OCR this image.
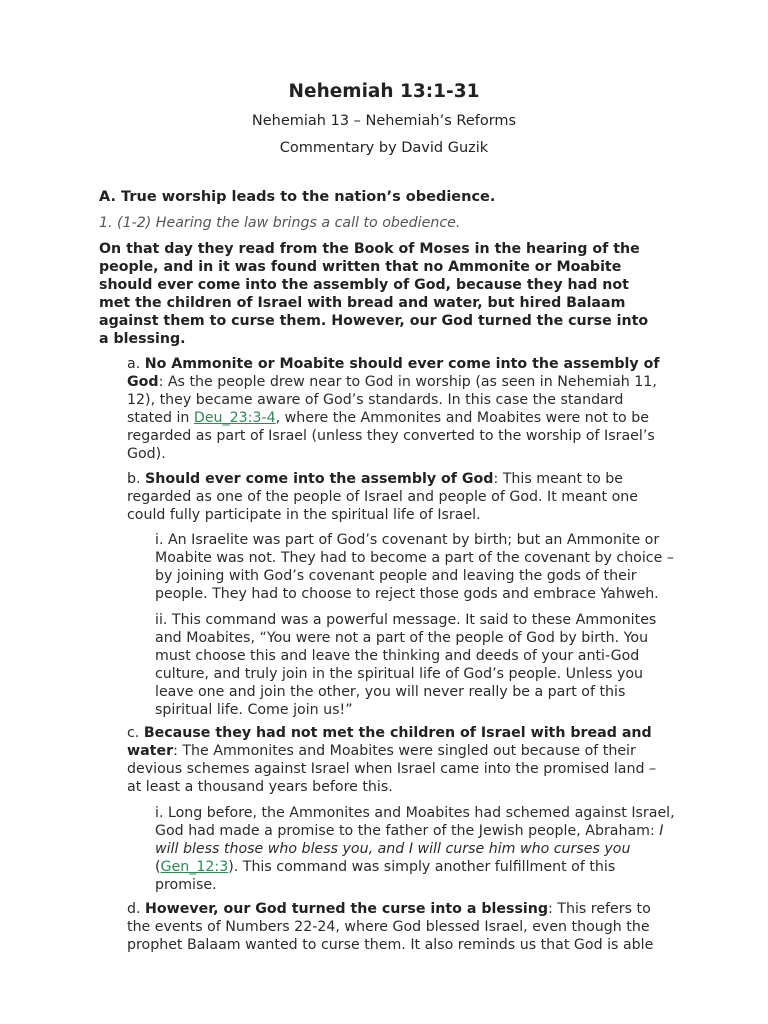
Nehemiah 13:1-31
Nehemiah 13 – Nehemiah’s Reforms
Commentary by David Guzik
A. True worship leads to the nation’s obedience.
1. (1-2) Hearing the law brings a call to obedience.
On that day they read from the Book of Moses in the hearing of the people, and in it was found written that no Ammonite or Moabite should ever come into the assembly of God, because they had not met the children of Israel with bread and water, but hired Balaam against them to curse them. However, our God turned the curse into a blessing.

a. No Ammonite or Moabite should ever come into the assembly of God: As the people drew near to God in worship (as seen in Nehemiah 11, 12), they became aware of God’s standards. In this case the standard stated in Deu_23:3-4, where the Ammonites and Moabites were not to be regarded as part of Israel (unless they converted to the worship of Israel’s God).

b. Should ever come into the assembly of God: This meant to be regarded as one of the people of Israel and people of God. It meant one could fully participate in the spiritual life of Israel.

i. An Israelite was part of God’s covenant by birth; but an Ammonite or Moabite was not. They had to become a part of the covenant by choice – by joining with God’s covenant people and leaving the gods of their people. They had to choose to reject those gods and embrace Yahweh.

ii. This command was a powerful message. It said to these Ammonites and Moabites, “You were not a part of the people of God by birth. You must choose this and leave the thinking and deeds of your anti-God culture, and truly join in the spiritual life of God’s people. Unless you leave one and join the other, you will never really be a part of this spiritual life. Come join us!”

c. Because they had not met the children of Israel with bread and water: The Ammonites and Moabites were singled out because of their devious schemes against Israel when Israel came into the promised land – at least a thousand years before this.

i. Long before, the Ammonites and Moabites had schemed against Israel, God had made a promise to the father of the Jewish people, Abraham: I will bless those who bless you, and I will curse him who curses you (Gen_12:3). This command was simply another fulfillment of this promise.

d. However, our God turned the curse into a blessing: This refers to the events of Numbers 22-24, where God blessed Israel, even though the prophet Balaam wanted to curse them. It also reminds us that God is able
